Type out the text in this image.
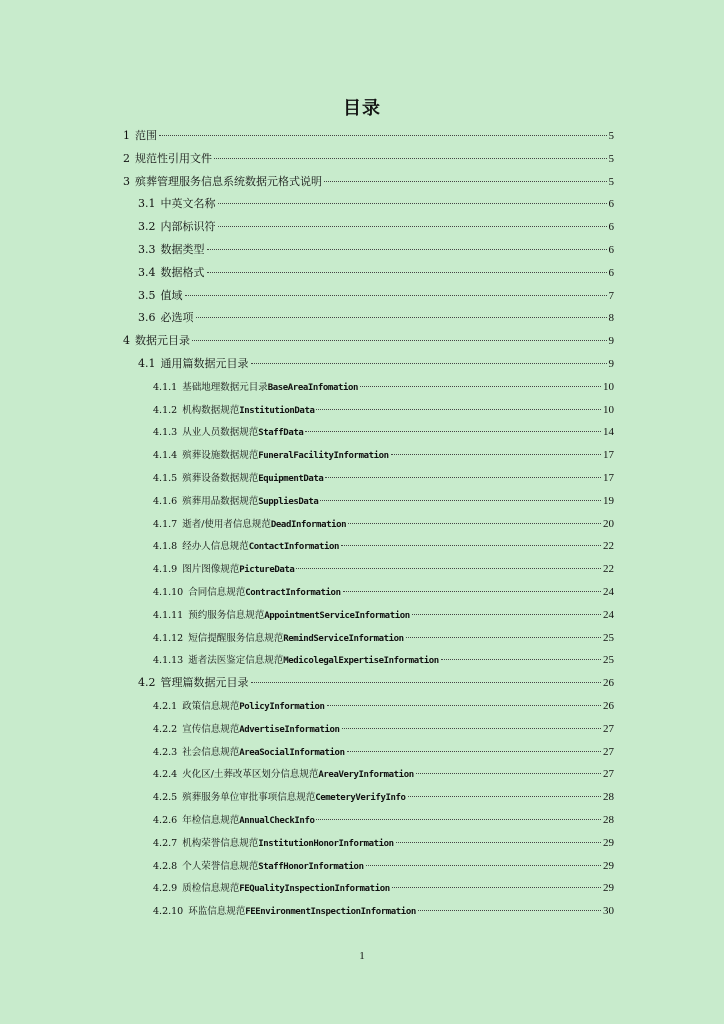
目录
1 范围	5
2 规范性引用文件	5
3 殡葬管理服务信息系统数据元格式说明	5
3.1 中英文名称	6
3.2 内部标识符	6
3.3 数据类型	6
3.4 数据格式	6
3.5 值域	7
3.6 必选项	8
4 数据元目录	9
4.1 通用篇数据元目录	9
4.1.1 基础地理数据元目录 BaseAreaInfomation	10
4.1.2 机构数据规范 InstitutionData	10
4.1.3 从业人员数据规范 StaffData	14
4.1.4 殡葬设施数据规范 FuneralFacilityInformation	17
4.1.5 殡葬设备数据规范 EquipmentData	17
4.1.6 殡葬用品数据规范 SuppliesData	19
4.1.7 逝者/使用者信息规范 DeadInformation	20
4.1.8 经办人信息规范 ContactInformation	22
4.1.9 图片图像规范 PictureData	22
4.1.10 合同信息规范 ContractInformation	24
4.1.11 预约服务信息规范 AppointmentServiceInformation	24
4.1.12 短信提醒服务信息规范 RemindServiceInformation	25
4.1.13 逝者法医鉴定信息规范 MedicolegalExpertiseInformation	25
4.2 管理篇数据元目录	26
4.2.1 政策信息规范 PolicyInformation	26
4.2.2 宣传信息规范 AdvertiseInformation	27
4.2.3 社会信息规范 AreaSocialInformation	27
4.2.4 火化区/土葬改革区划分信息规范 AreaVeryInformation	27
4.2.5 殡葬服务单位审批事项信息规范 CemeteryVerifyInfo	28
4.2.6 年检信息规范 AnnualCheckInfo	28
4.2.7 机构荣誉信息规范 InstitutionHonorInformation	29
4.2.8 个人荣誉信息规范 StaffHonorInformation	29
4.2.9 质检信息规范 FEQualityInspectionInformation	29
4.2.10 环监信息规范 FEEnvironmentInspectionInformation	30
1
